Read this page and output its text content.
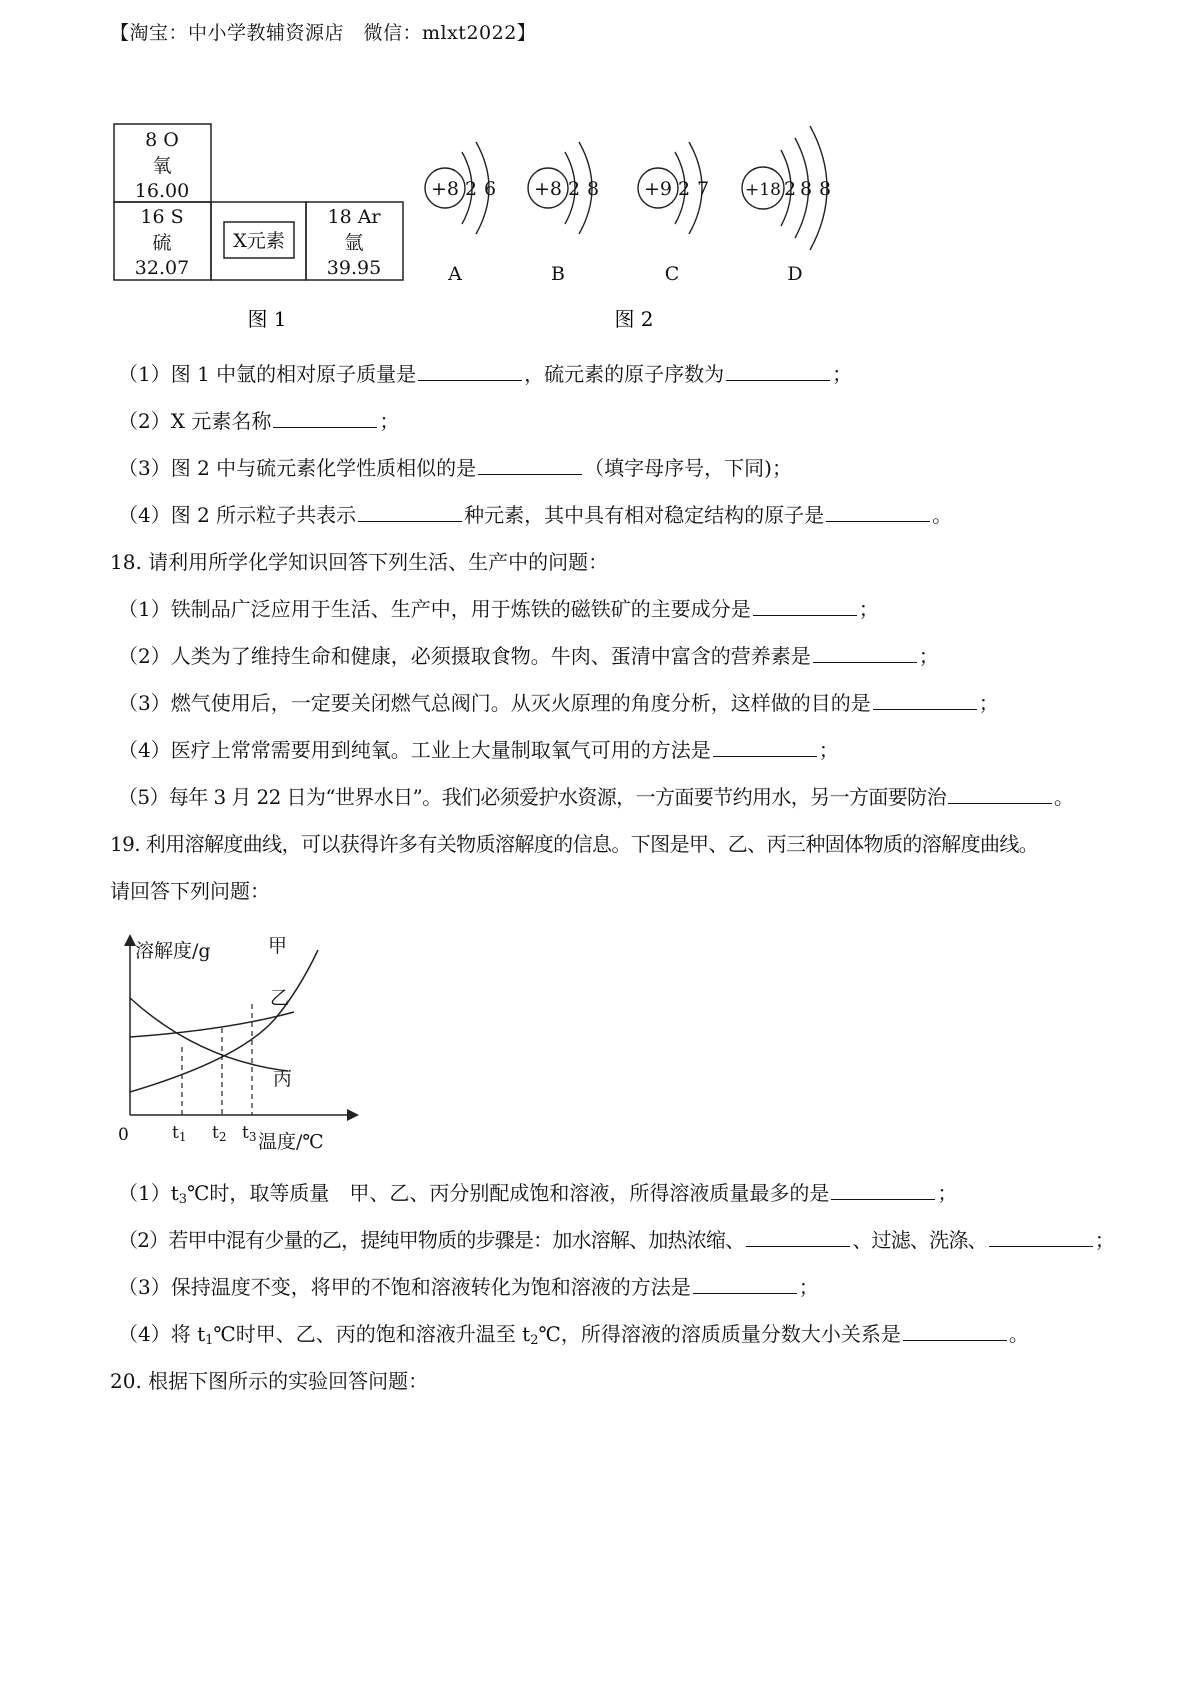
【淘宝：中小学教辅资源店　微信：mlxt2022】
8 O
氧
16.00
16 S
硫
32.07
X元素
18 Ar
氩
39.95
图 1
+8 2 6
A
+8 2 8
B
+9 2 7
C
+18 2 8 8
D
图 2
（1）图 1 中氩的相对原子质量是	，硫元素的原子序数为	；
（2）X 元素名称	；
（3）图 2 中与硫元素化学性质相似的是	（填字母序号，下同)；
（4）图 2 所示粒子共表示	种元素，其中具有相对稳定结构的原子是	。
18. 请利用所学化学知识回答下列生活、生产中的问题：
（1）铁制品广泛应用于生活、生产中，用于炼铁的磁铁矿的主要成分是	；
（2）人类为了维持生命和健康，必须摄取食物。牛肉、蛋清中富含的营养素是	；
（3）燃气使用后，一定要关闭燃气总阀门。从灭火原理的角度分析，这样做的目的是	；
（4）医疗上常常需要用到纯氧。工业上大量制取氧气可用的方法是	；
（5）每年 3 月 22 日为“世界水日”。我们必须爱护水资源，一方面要节约用水，另一方面要防治	。
19. 利用溶解度曲线，可以获得许多有关物质溶解度的信息。下图是甲、乙、丙三种固体物质的溶解度曲线。
请回答下列问题：
溶解度/g
温度/℃
0
甲
乙
丙
t1 t2 t3
$(1)t_3℃$时，取等质量　甲、乙、丙分别配成饱和溶液，所得溶液质量最多的是	；
（2）若甲中混有少量的乙，提纯甲物质的步骤是：加水溶解、加热浓缩、	、过滤、洗涤、	；
（3）保持温度不变，将甲的不饱和溶液转化为饱和溶液的方法是	；
（4）将 $t_1℃$时甲、乙、丙的饱和溶液升温至 $t_2℃$，所得溶液的溶质质量分数大小关系是	。
20. 根据下图所示的实验回答问题：
